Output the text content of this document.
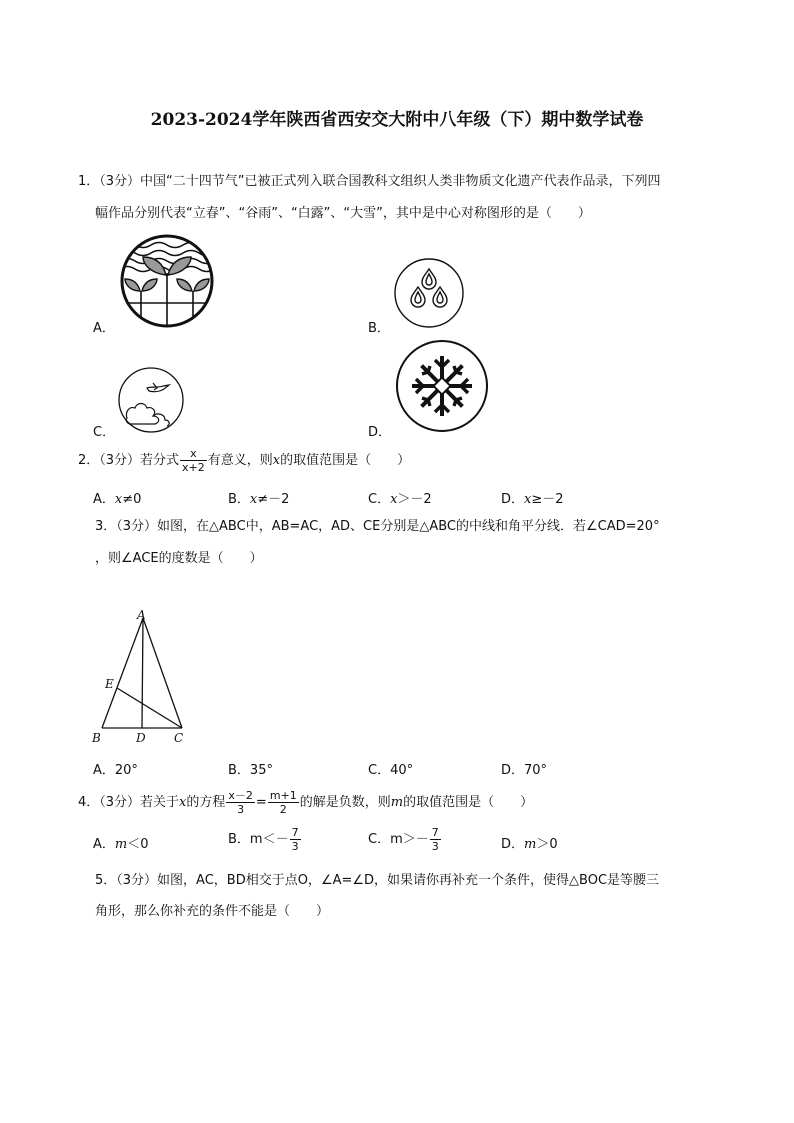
2023-2024学年陕西省西安交大附中八年级（下）期中数学试卷
1．（3分）中国“二十四节气”已被正式列入联合国教科文组织人类非物质文化遗产代表作品录，下列四
幅作品分别代表“立春”、“谷雨”、“白露”、“大雪”，其中是中心对称图形的是（　　）
A．	B．
C．	D．
2．（3分）若分式 $\frac{x}{x+2}$ 有意义，则x的取值范围是（　　）
A．x≠0	B．x≠－2	C．x＞－2	D．x≥－2
3．（3分）如图，在△ABC中，AB=AC，AD、CE分别是△ABC的中线和角平分线．若∠CAD=20°
，则∠ACE的度数是（　　）
A
E
B	D C
A．20°	B．35°	C．40°	D．70°
4．（3分）若关于x的方程 $\frac{x-2}{3} = \frac{m+1}{2}$ 的解是负数，则m的取值范围是（　　）
A．m＜0	B．$m<- \frac{7}{3}$	C．$m>- \frac{7}{3}$	D．m＞0
5．（3分）如图，AC，BD相交于点O，∠A=∠D，如果请你再补充一个条件，使得△BOC是等腰三
角形，那么你补充的条件不能是（　　）
